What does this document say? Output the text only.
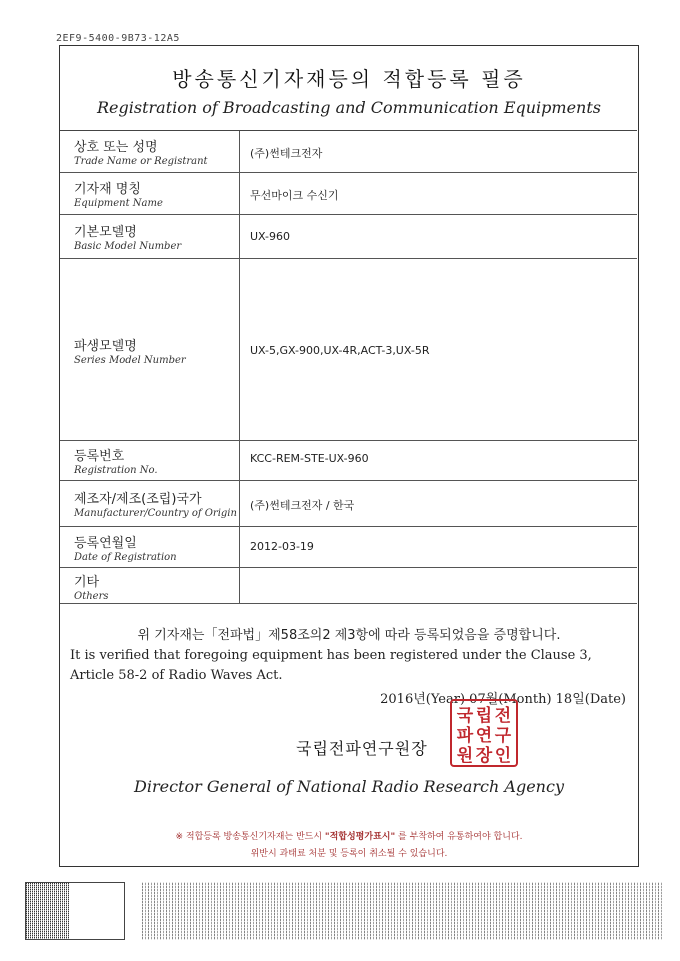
2EF9-5400-9B73-12A5
방송통신기자재등의 적합등록 필증
Registration of Broadcasting and Communication Equipments
상호 또는 성명
Trade Name or Registrant
(주)썬테크전자
기자재 명칭
Equipment Name
무선마이크 수신기
기본모델명
Basic Model Number
UX-960
파생모델명
Series Model Number
UX-5,GX-900,UX-4R,ACT-3,UX-5R
등록번호
Registration No.
KCC-REM-STE-UX-960
제조자/제조(조립)국가
Manufacturer/Country of Origin
(주)썬테크전자 / 한국
등록연월일
Date of Registration
2012-03-19
기타
Others
위 기자재는「전파법」제58조의2 제3항에 따라 등록되었음을 증명합니다.
It is verified that foregoing equipment has been registered under the Clause 3, Article 58-2 of Radio Waves Act.
2016년(Year) 07월(Month) 18일(Date)
국립전파연구원장
국 립 전
파 연 구
원 장 인
Director General of National Radio Research Agency
※ 적합등록 방송통신기자재는 반드시 "적합성평가표시" 를 부착하여 유통하여야 합니다.
위반시 과태료 처분 및 등록이 취소될 수 있습니다.
